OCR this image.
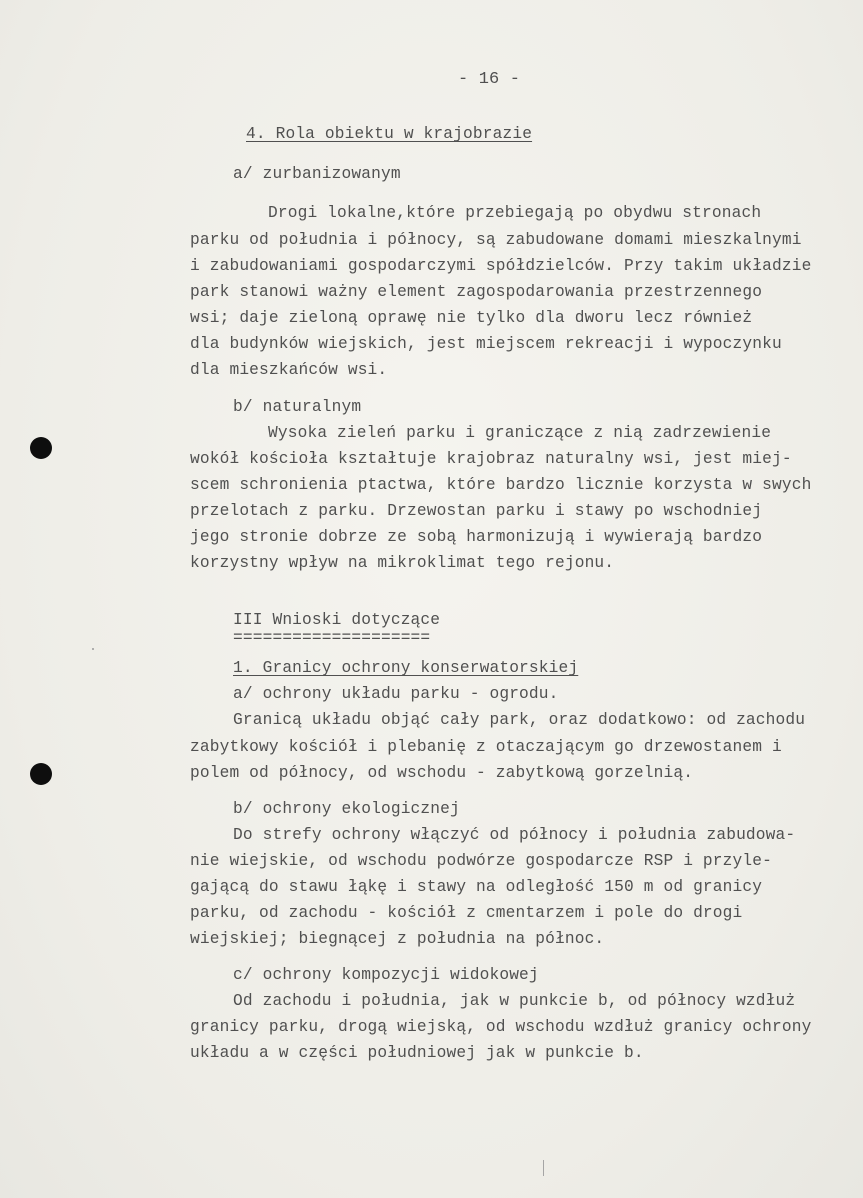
- 16 -
4. Rola obiektu w krajobrazie
a/ zurbanizowanym
Drogi lokalne,które przebiegają po obydwu stronach
parku od południa i północy, są zabudowane domami mieszkalnymi
i zabudowaniami gospodarczymi spółdzielców. Przy takim układzie
park stanowi ważny element zagospodarowania przestrzennego
wsi; daje zieloną oprawę nie tylko dla dworu lecz również
dla budynków wiejskich, jest miejscem rekreacji i wypoczynku
dla mieszkańców wsi.
b/ naturalnym
Wysoka zieleń parku i graniczące z nią zadrzewienie
wokół kościoła kształtuje krajobraz naturalny wsi, jest miej-
scem schronienia ptactwa, które bardzo licznie korzysta w swych
przelotach z parku. Drzewostan parku i stawy po wschodniej
jego stronie dobrze ze sobą harmonizują i wywierają bardzo
korzystny wpływ na mikroklimat tego rejonu.
III Wnioski dotyczące
====================
1. Granicy ochrony konserwatorskiej
a/ ochrony układu parku - ogrodu.
Granicą układu objąć cały park, oraz dodatkowo: od zachodu
zabytkowy kościół i plebanię z otaczającym go drzewostanem i
polem od północy, od wschodu - zabytkową gorzelnią.
b/ ochrony ekologicznej
Do strefy ochrony włączyć od północy i południa zabudowa-
nie wiejskie, od wschodu podwórze gospodarcze RSP i przyle-
gającą do stawu łąkę i stawy na odległość 150 m od granicy
parku, od zachodu - kościół z cmentarzem i pole do drogi
wiejskiej; biegnącej z południa na północ.
c/ ochrony kompozycji widokowej
Od zachodu i południa, jak w punkcie b, od północy wzdłuż
granicy parku, drogą wiejską, od wschodu wzdłuż granicy ochrony
układu a w części południowej jak w punkcie b.
